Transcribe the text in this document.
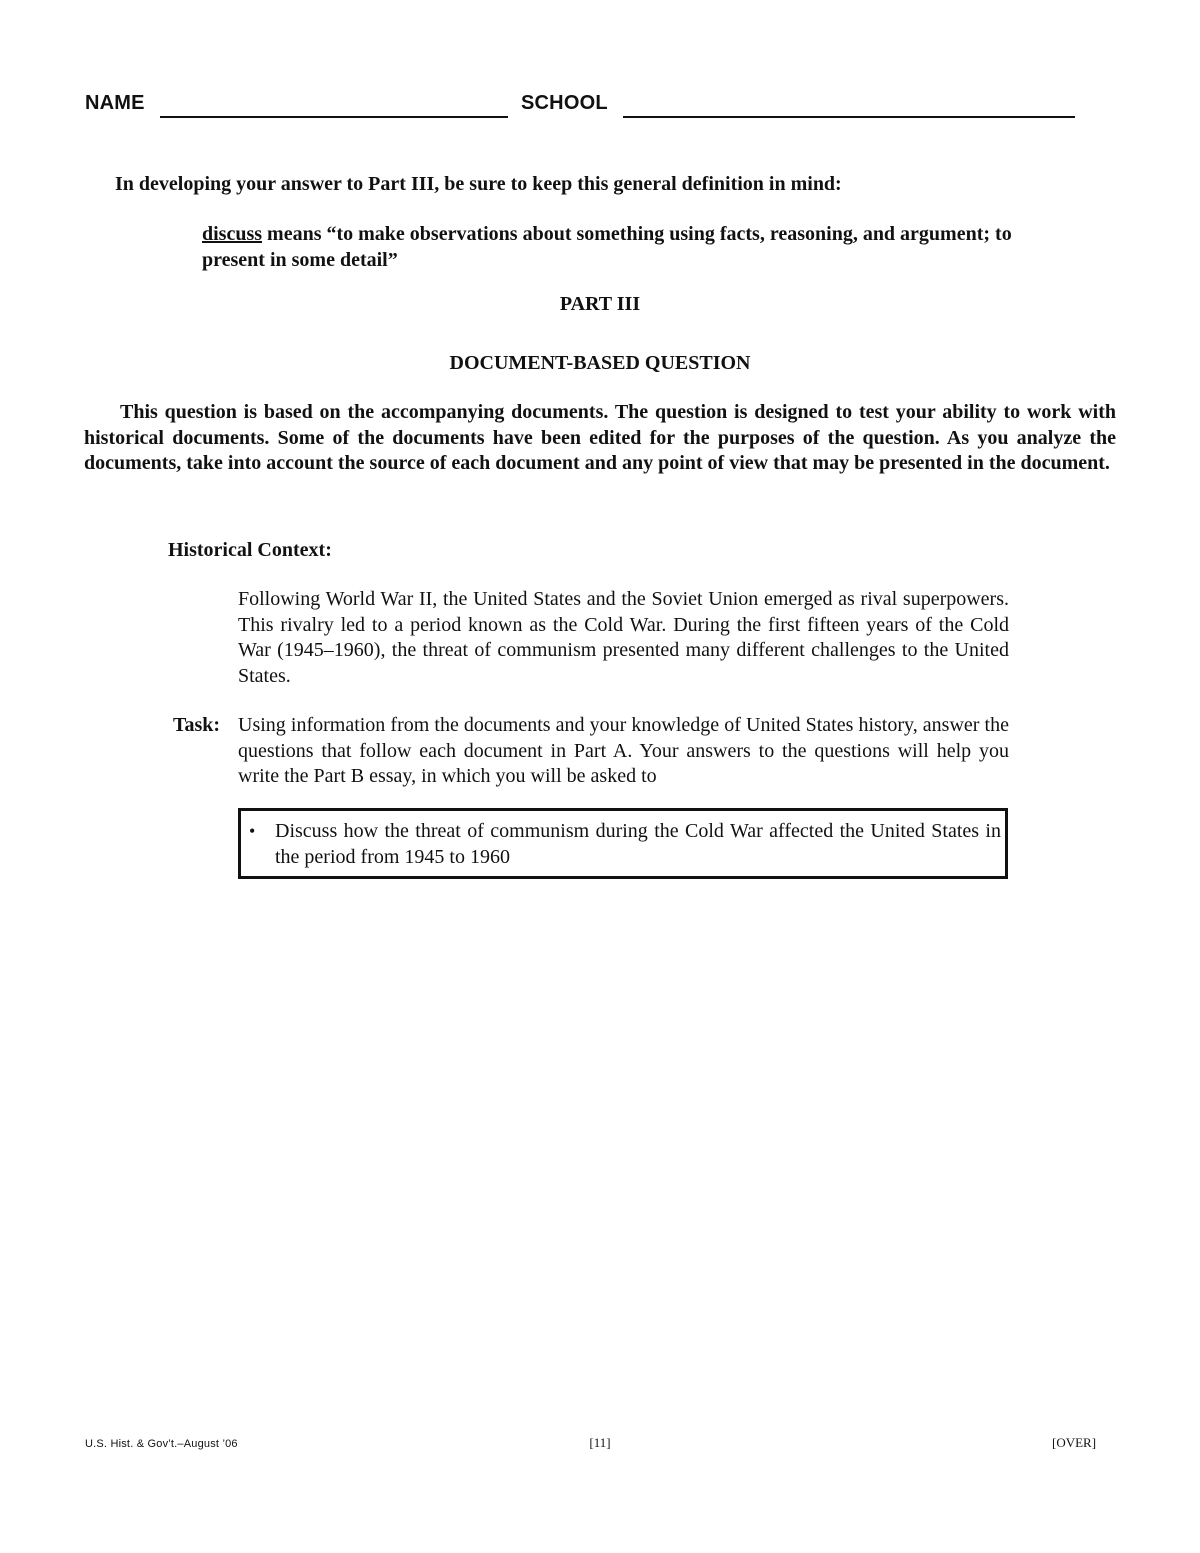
NAME	SCHOOL
In developing your answer to Part III, be sure to keep this general definition in mind:
discuss means “to make observations about something using facts, reasoning, and argument; to present in some detail”
PART III
DOCUMENT-BASED QUESTION
This question is based on the accompanying documents. The question is designed to test your ability to work with historical documents. Some of the documents have been edited for the purposes of the question. As you analyze the documents, take into account the source of each document and any point of view that may be presented in the document.
Historical Context:
Following World War II, the United States and the Soviet Union emerged as rival superpowers. This rivalry led to a period known as the Cold War. During the first fifteen years of the Cold War (1945–1960), the threat of communism presented many different challenges to the United States.
Task: Using information from the documents and your knowledge of United States history, answer the questions that follow each document in Part A. Your answers to the questions will help you write the Part B essay, in which you will be asked to
• Discuss how the threat of communism during the Cold War affected the United States in the period from 1945 to 1960
U.S. Hist. & Gov’t.–August ’06	[11]	[OVER]
